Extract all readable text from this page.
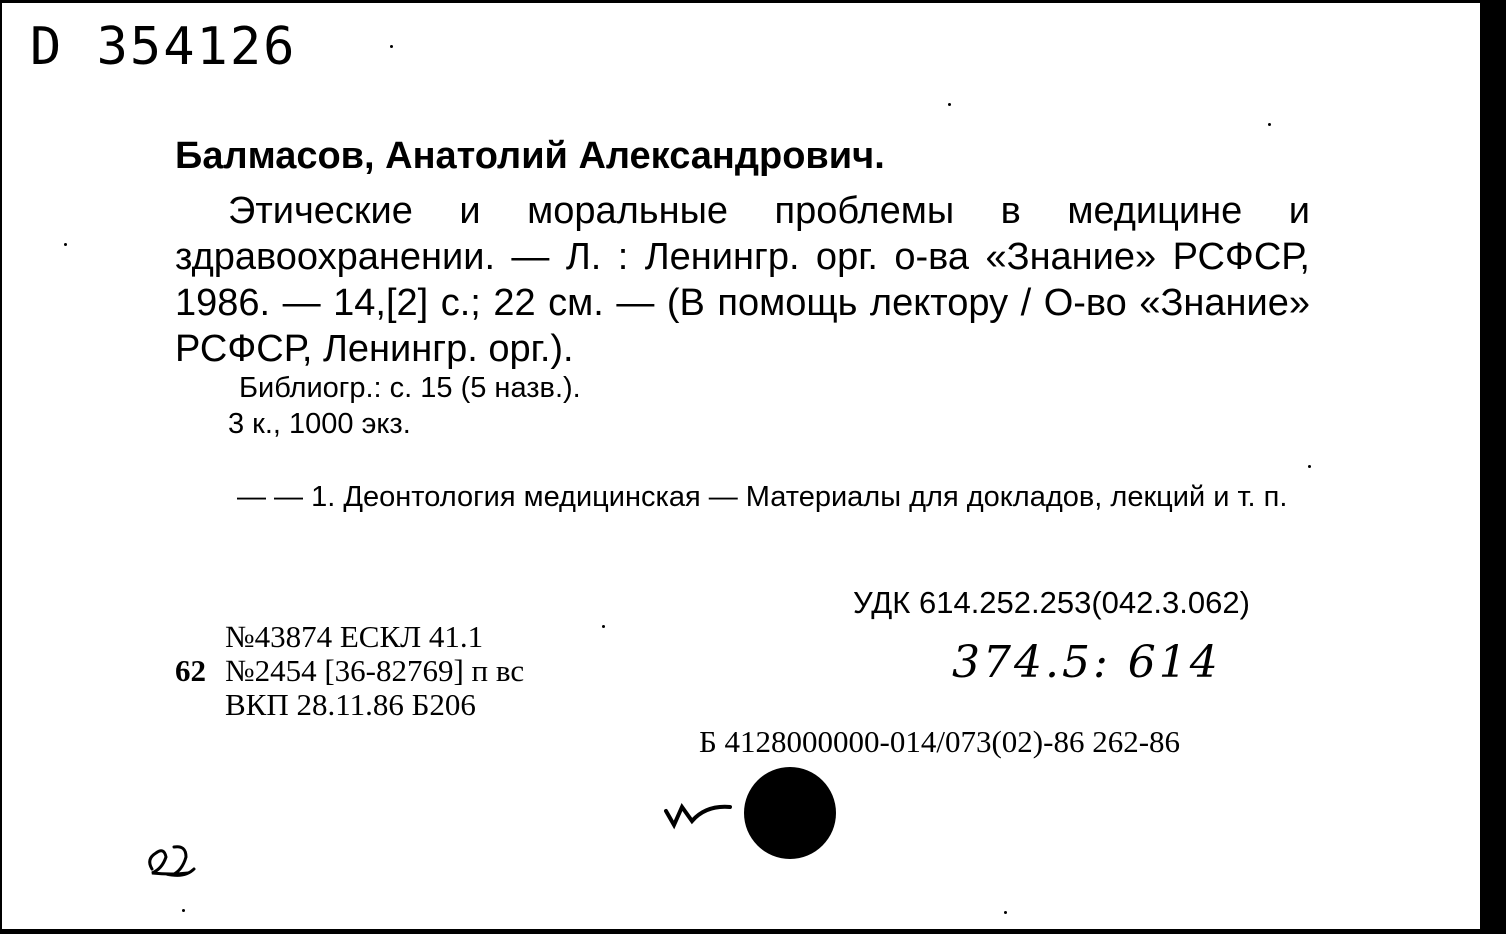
D 354126
Балмасов, Анатолий Александрович.
Этические и моральные проблемы в медицине и здравоохранении. — Л. : Ленингр. орг. о-ва «Знание» РСФСР, 1986. — 14,[2] с.; 22 см. — (В помощь лектору / О-во «Знание» РСФСР, Ленингр. орг.).
Библиогр.: с. 15 (5 назв.).
3 к., 1000 экз.
— — 1. Деонтология медицинская — Материалы для докладов, лекций и т. п.
УДК 614.252.253(042.3.062)
374.5: 614
№43874 ЕСКЛ 41.1
62 №2454 [36-82769] п вс
ВКП 28.11.86 Б206
Б 4128000000-014/073(02)-86 262-86
